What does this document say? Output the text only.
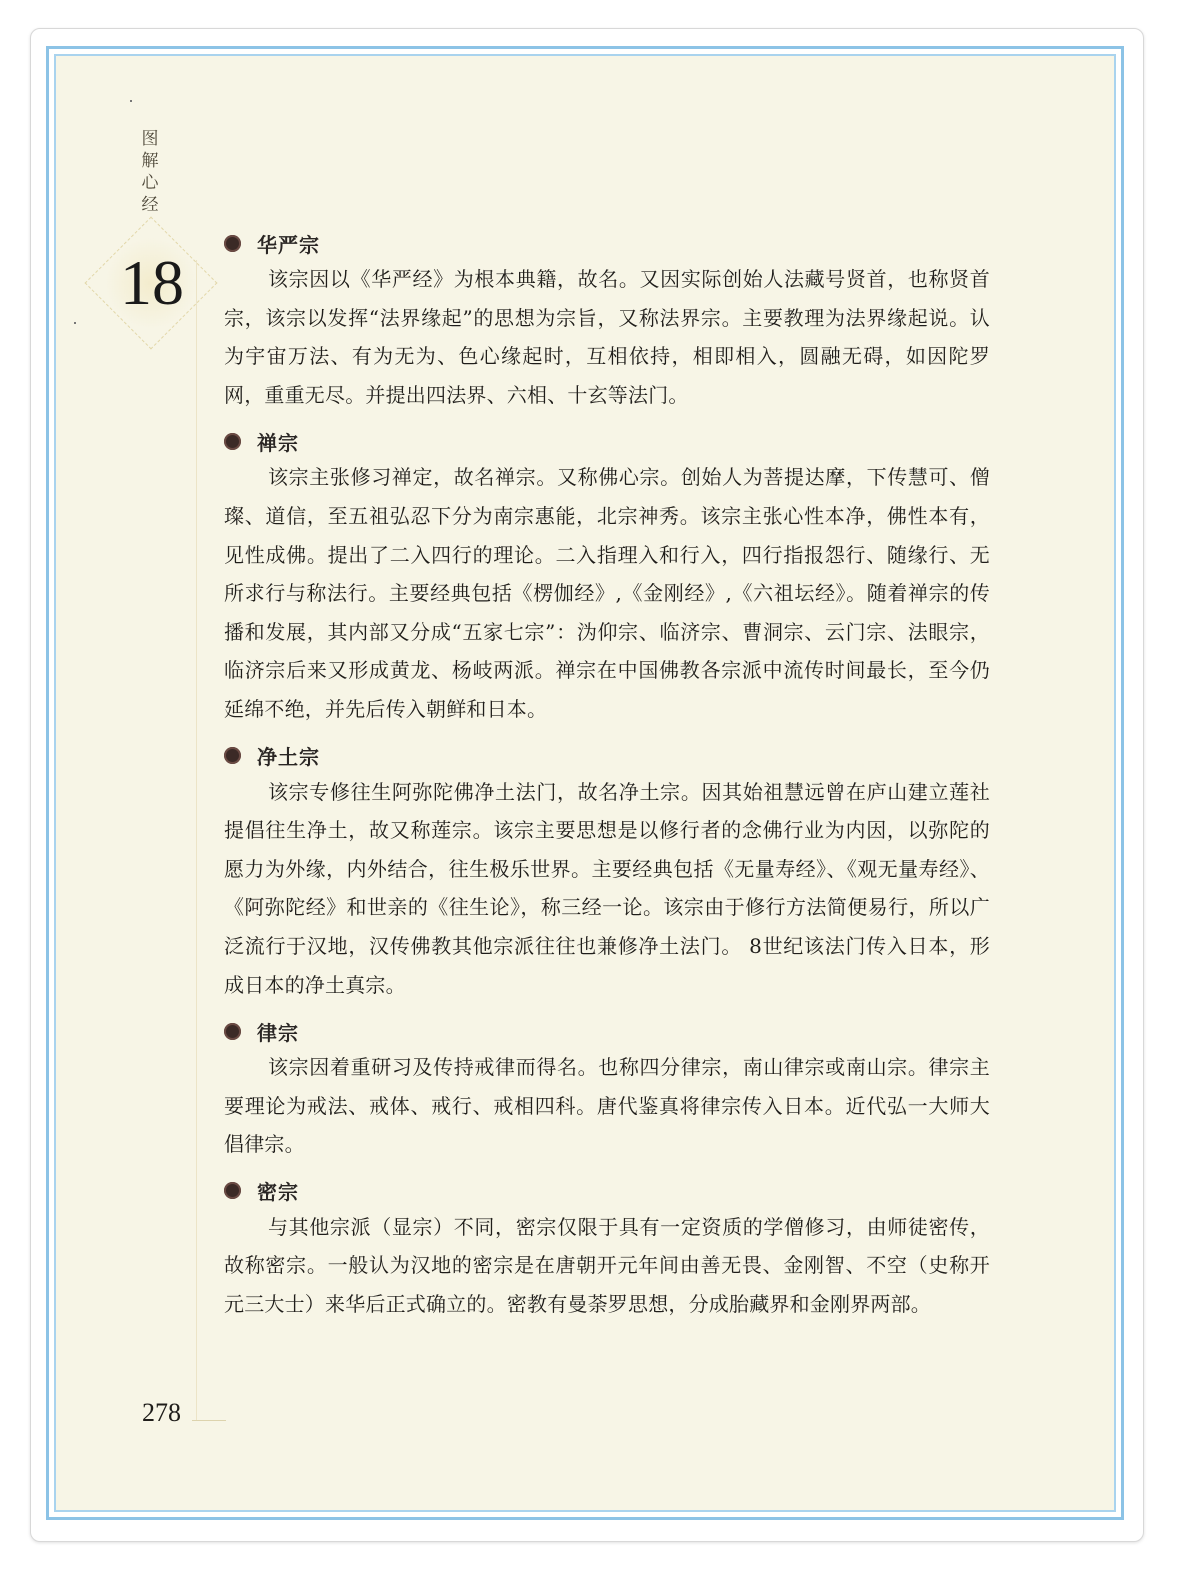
图
解
心
经
18
华严宗

该宗因以《华严经》为根本典籍，故名。又因实际创始人法藏号贤首，也称贤首宗，该宗以发挥“法界缘起”的思想为宗旨，又称法界宗。主要教理为法界缘起说。认为宇宙万法、有为无为、色心缘起时，互相依持，相即相入，圆融无碍，如因陀罗网，重重无尽。并提出四法界、六相、十玄等法门。

禅宗

该宗主张修习禅定，故名禅宗。又称佛心宗。创始人为菩提达摩，下传慧可、僧璨、道信，至五祖弘忍下分为南宗惠能，北宗神秀。该宗主张心性本净，佛性本有，见性成佛。提出了二入四行的理论。二入指理入和行入，四行指报怨行、随缘行、无所求行与称法行。主要经典包括《楞伽经》,《金刚经》,《六祖坛经》。随着禅宗的传播和发展，其内部又分成“五家七宗”：沩仰宗、临济宗、曹洞宗、云门宗、法眼宗，临济宗后来又形成黄龙、杨岐两派。禅宗在中国佛教各宗派中流传时间最长，至今仍延绵不绝，并先后传入朝鲜和日本。

净土宗

该宗专修往生阿弥陀佛净土法门，故名净土宗。因其始祖慧远曾在庐山建立莲社提倡往生净土，故又称莲宗。该宗主要思想是以修行者的念佛行业为内因，以弥陀的愿力为外缘，内外结合，往生极乐世界。主要经典包括《无量寿经》、《观无量寿经》、《阿弥陀经》和世亲的《往生论》，称三经一论。该宗由于修行方法简便易行，所以广泛流行于汉地，汉传佛教其他宗派往往也兼修净土法门。 8世纪该法门传入日本，形成日本的净土真宗。

律宗

该宗因着重研习及传持戒律而得名。也称四分律宗，南山律宗或南山宗。律宗主要理论为戒法、戒体、戒行、戒相四科。唐代鉴真将律宗传入日本。近代弘一大师大倡律宗。

密宗

与其他宗派（显宗）不同，密宗仅限于具有一定资质的学僧修习，由师徒密传，故称密宗。一般认为汉地的密宗是在唐朝开元年间由善无畏、金刚智、不空（史称开元三大士）来华后正式确立的。密教有曼荼罗思想，分成胎藏界和金刚界两部。

278
